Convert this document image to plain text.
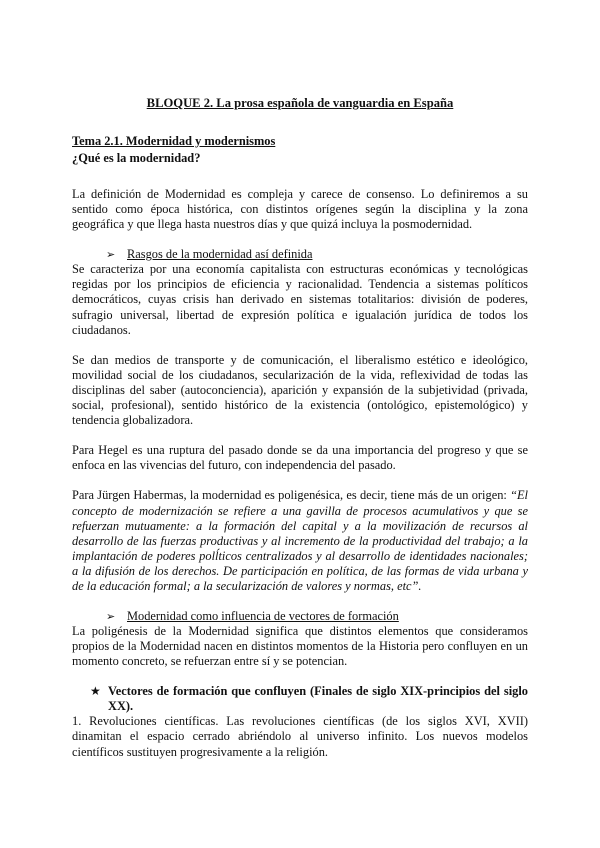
BLOQUE 2. La prosa española de vanguardia en España
Tema 2.1. Modernidad y modernismos
¿Qué es la modernidad?

La definición de Modernidad es compleja y carece de consenso. Lo definiremos a su sentido como época histórica, con distintos orígenes según la disciplina y la zona geográfica y que llega hasta nuestros días y que quizá incluya la posmodernidad.

➢ Rasgos de la modernidad así definida

Se caracteriza por una economía capitalista con estructuras económicas y tecnológicas regidas por los principios de eficiencia y racionalidad. Tendencia a sistemas políticos democráticos, cuyas crisis han derivado en sistemas totalitarios: división de poderes, sufragio universal, libertad de expresión política e igualación jurídica de todos los ciudadanos.

Se dan medios de transporte y de comunicación, el liberalismo estético e ideológico, movilidad social de los ciudadanos, secularización de la vida, reflexividad de todas las disciplinas del saber (autoconciencia), aparición y expansión de la subjetividad (privada, social, profesional), sentido histórico de la existencia (ontológico, epistemológico) y tendencia globalizadora.

Para Hegel es una ruptura del pasado donde se da una importancia del progreso y que se enfoca en las vivencias del futuro, con independencia del pasado.

Para Jürgen Habermas, la modernidad es poligenésica, es decir, tiene más de un origen: “El concepto de modernización se refiere a una gavilla de procesos acumulativos y que se refuerzan mutuamente: a la formación del capital y a la movilización de recursos al desarrollo de las fuerzas productivas y al incremento de la productividad del trabajo; a la implantación de poderes polĺticos centralizados y al desarrollo de identidades nacionales; a la difusión de los derechos. De participación en política, de las formas de vida urbana y de la educación formal; a la secularización de valores y normas, etc”.

➢ Modernidad como influencia de vectores de formación

La poligénesis de la Modernidad significa que distintos elementos que consideramos propios de la Modernidad nacen en distintos momentos de la Historia pero confluyen en un momento concreto, se refuerzan entre sí y se potencian.

★ Vectores de formación que confluyen (Finales de siglo XIX-principios del siglo XX).

1. Revoluciones científicas. Las revoluciones científicas (de los siglos XVI, XVII) dinamitan el espacio cerrado abriéndolo al universo infinito. Los nuevos modelos científicos sustituyen progresivamente a la religión.
